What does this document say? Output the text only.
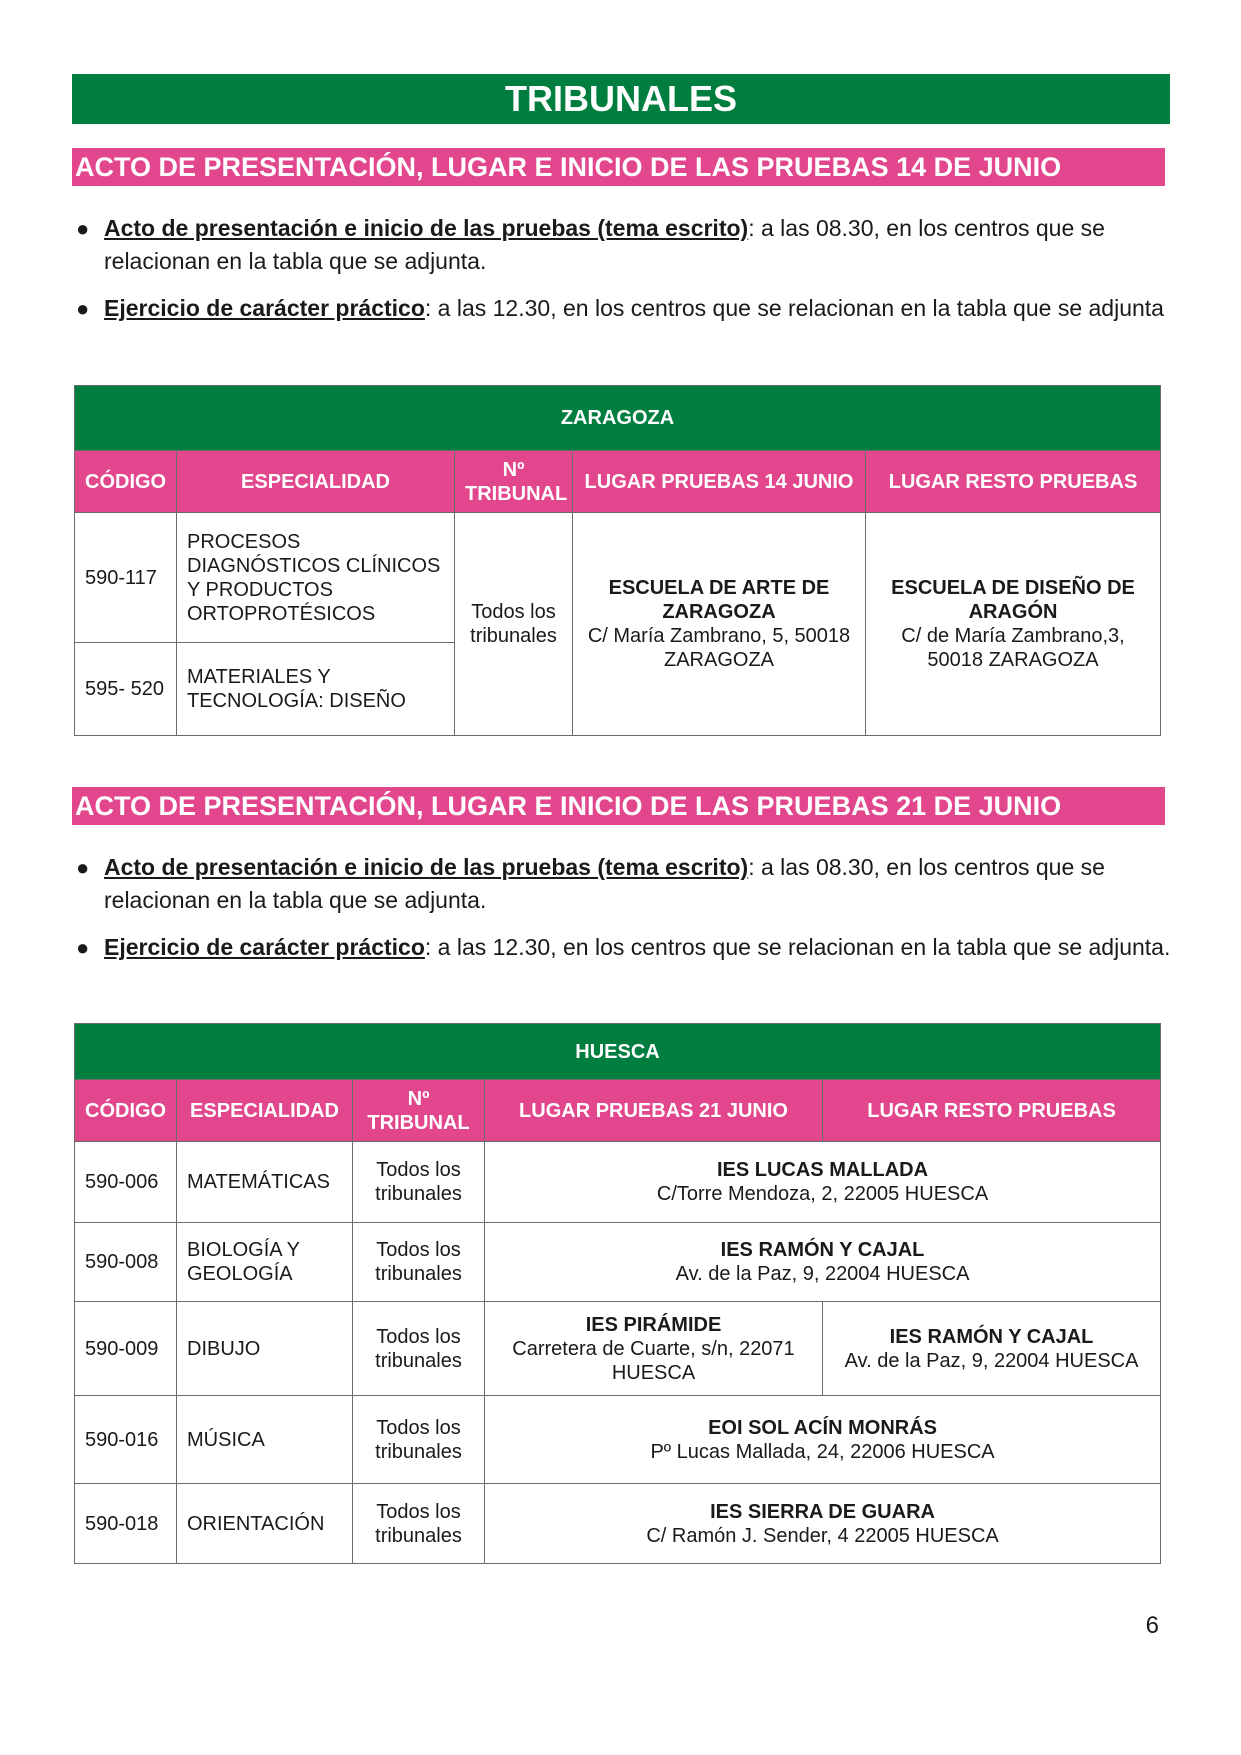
TRIBUNALES
ACTO DE PRESENTACIÓN, LUGAR E INICIO DE LAS PRUEBAS 14 DE JUNIO
● Acto de presentación e inicio de las pruebas (tema escrito): a las 08.30, en los centros que se relacionan en la tabla que se adjunta.
● Ejercicio de carácter práctico: a las 12.30, en los centros que se relacionan en la tabla que se adjunta
ZARAGOZA				
CÓDIGO	ESPECIALIDAD	Nº TRIBUNAL	LUGAR PRUEBAS 14 JUNIO	LUGAR RESTO PRUEBAS
590-117	PROCESOS DIAGNÓSTICOS CLÍNICOS Y PRODUCTOS ORTOPROTÉSICOS	Todos los tribunales	ESCUELA DE ARTE DE ZARAGOZA
C/ María Zambrano, 5, 50018 ZARAGOZA	ESCUELA DE DISEÑO DE ARAGÓN
C/ de María Zambrano,3, 50018 ZARAGOZA
595- 520	MATERIALES Y TECNOLOGÍA: DISEÑO			
ACTO DE PRESENTACIÓN, LUGAR E INICIO DE LAS PRUEBAS 21 DE JUNIO
● Acto de presentación e inicio de las pruebas (tema escrito): a las 08.30, en los centros que se relacionan en la tabla que se adjunta.
● Ejercicio de carácter práctico: a las 12.30, en los centros que se relacionan en la tabla que se adjunta.
HUESCA				
CÓDIGO	ESPECIALIDAD	Nº TRIBUNAL	LUGAR PRUEBAS 21 JUNIO	LUGAR RESTO PRUEBAS
590-006	MATEMÁTICAS	Todos los tribunales	IES LUCAS MALLADA
C/Torre Mendoza, 2, 22005 HUESCA	
590-008	BIOLOGÍA Y GEOLOGÍA	Todos los tribunales	IES RAMÓN Y CAJAL
Av. de la Paz, 9, 22004 HUESCA	
590-009	DIBUJO	Todos los tribunales	IES PIRÁMIDE
Carretera de Cuarte, s/n, 22071 HUESCA	IES RAMÓN Y CAJAL
Av. de la Paz, 9, 22004 HUESCA
590-016	MÚSICA	Todos los tribunales	EOI SOL ACÍN MONRÁS
Pº Lucas Mallada, 24, 22006 HUESCA	
590-018	ORIENTACIÓN	Todos los tribunales	IES SIERRA DE GUARA
C/ Ramón J. Sender, 4 22005 HUESCA	
6
